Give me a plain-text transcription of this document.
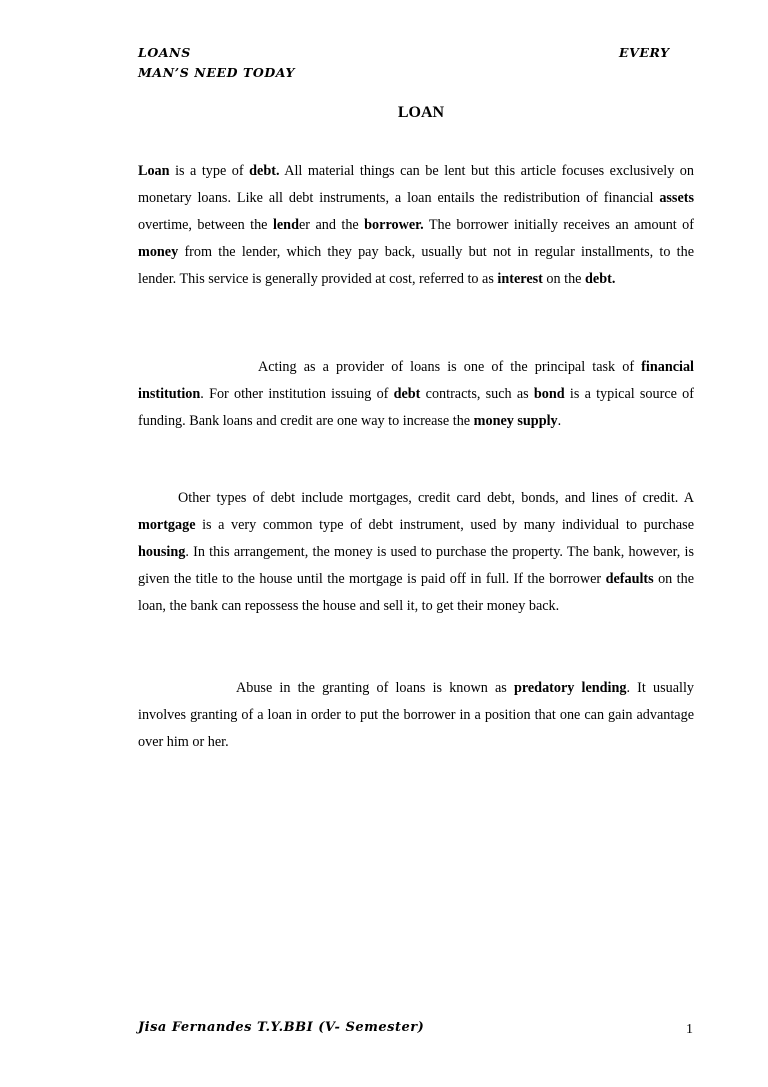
LOANS
MAN’S NEED TODAY
EVERY
LOAN
Loan is a type of debt. All material things can be lent but this article focuses exclusively on monetary loans. Like all debt instruments, a loan entails the redistribution of financial assets overtime, between the lender and the borrower. The borrower initially receives an amount of money from the lender, which they pay back, usually but not in regular installments, to the lender. This service is generally provided at cost, referred to as interest on the debt.
Acting as a provider of loans is one of the principal task of financial institution. For other institution issuing of debt contracts, such as bond is a typical source of funding. Bank loans and credit are one way to increase the money supply.
Other types of debt include mortgages, credit card debt, bonds, and lines of credit. A mortgage is a very common type of debt instrument, used by many individual to purchase housing. In this arrangement, the money is used to purchase the property. The bank, however, is given the title to the house until the mortgage is paid off in full. If the borrower defaults on the loan, the bank can repossess the house and sell it, to get their money back.
Abuse in the granting of loans is known as predatory lending. It usually involves granting of a loan in order to put the borrower in a position that one can gain advantage over him or her.
Jisa Fernandes T.Y.BBI (V- Semester)	1
